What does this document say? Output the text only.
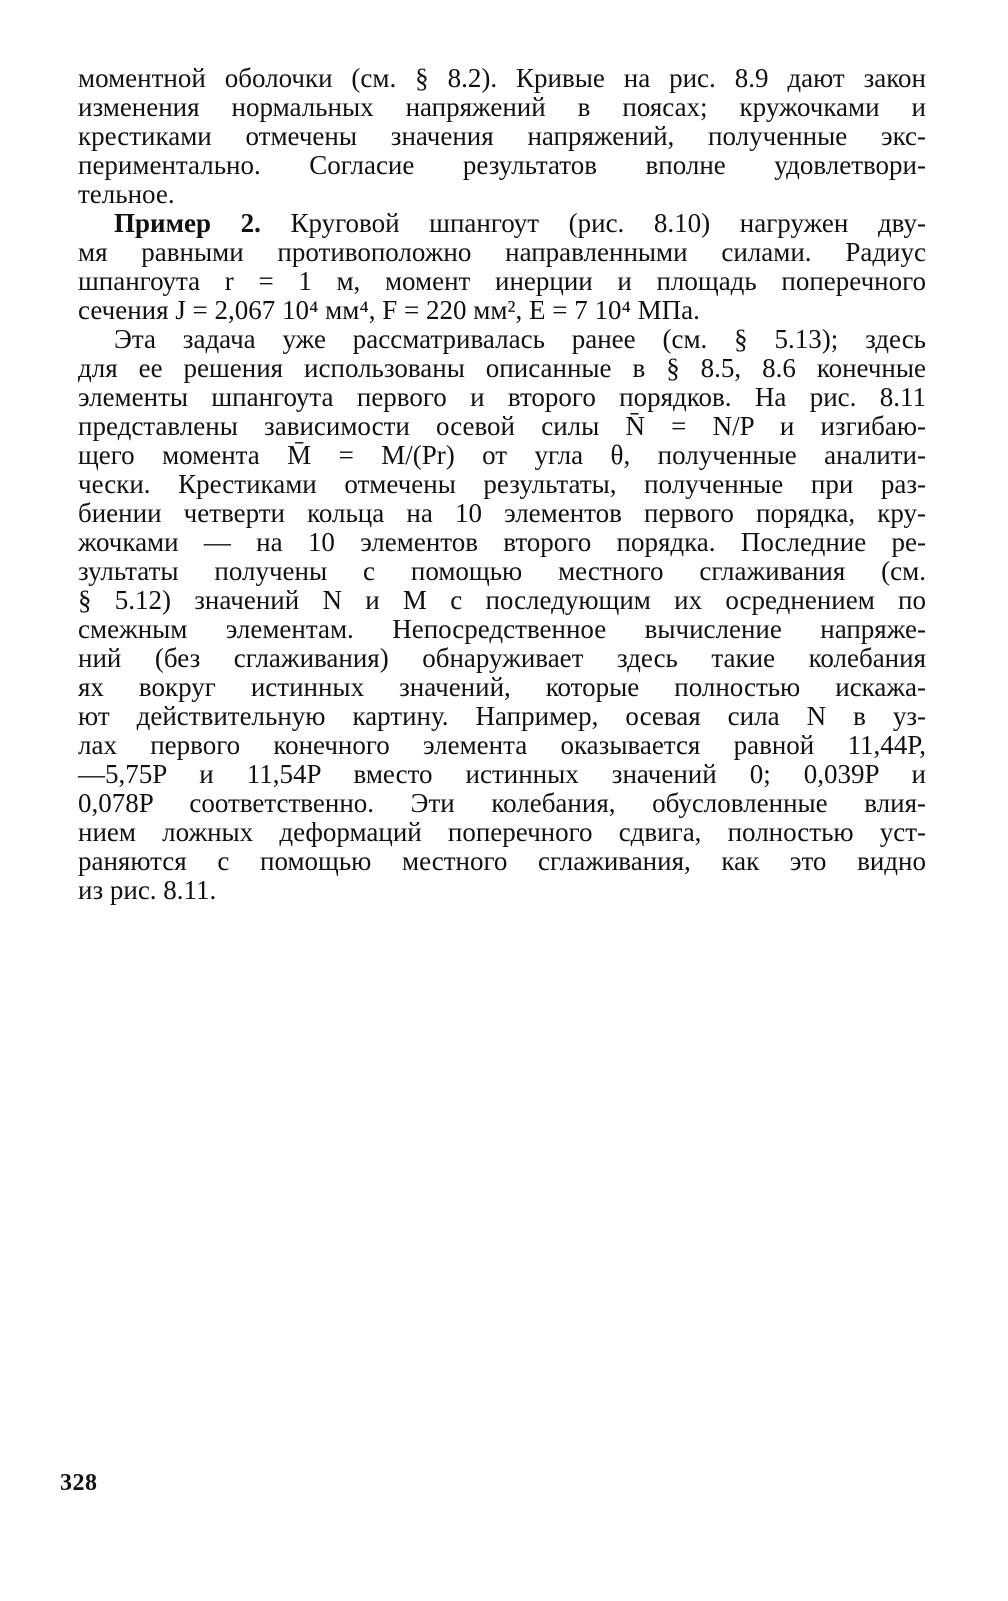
моментной оболочки (см. § 8.2). Кривые на рис. 8.9 дают закон
изменения нормальных напряжений в поясах; кружочками и
крестиками отмечены значения напряжений, полученные экс-
периментально. Согласие результатов вполне удовлетвори-
тельное.
Пример 2. Круговой шпангоут (рис. 8.10) нагружен дву-
мя равными противоположно направленными силами. Радиус
шпангоута r = 1 м, момент инерции и площадь поперечного
сечения J = 2,067 10⁴ мм⁴, F = 220 мм², E = 7 10⁴ МПа.
Эта задача уже рассматривалась ранее (см. § 5.13); здесь
для ее решения использованы описанные в § 8.5, 8.6 конечные
элементы шпангоута первого и второго порядков. На рис. 8.11
представлены зависимости осевой силы N̄ = N/P и изгибаю-
щего момента M̄ = M/(Pr) от угла θ, полученные аналити-
чески. Крестиками отмечены результаты, полученные при раз-
биении четверти кольца на 10 элементов первого порядка, кру-
жочками — на 10 элементов второго порядка. Последние ре-
зультаты получены с помощью местного сглаживания (см.
§ 5.12) значений N и M с последующим их осреднением по
смежным элементам. Непосредственное вычисление напряже-
ний (без сглаживания) обнаруживает здесь такие колебания
ях вокруг истинных значений, которые полностью искажа-
ют действительную картину. Например, осевая сила N в уз-
лах первого конечного элемента оказывается равной 11,44P,
—5,75P и 11,54P вместо истинных значений 0; 0,039P и
0,078P соответственно. Эти колебания, обусловленные влия-
нием ложных деформаций поперечного сдвига, полностью уст-
раняются с помощью местного сглаживания, как это видно
из рис. 8.11.
328
